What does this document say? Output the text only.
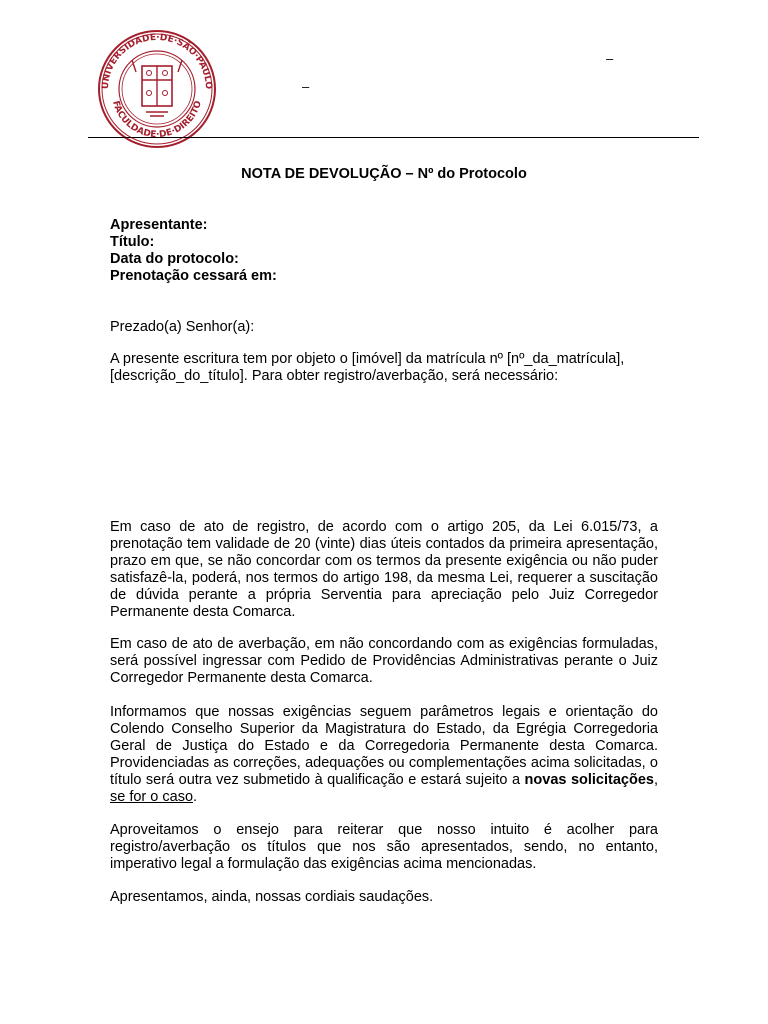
UNIVERSIDADE·DE·SÃO·PAULO
FACULDADE·DE·DIREITO
–
–
NOTA DE DEVOLUÇÃO – Nº do Protocolo
Apresentante:
Título:
Data do protocolo:
Prenotação cessará em:
Prezado(a) Senhor(a):
A presente escritura tem por objeto o [imóvel] da matrícula nº [nº_da_matrícula], [descrição_do_título]. Para obter registro/averbação, será necessário:
Em caso de ato de registro, de acordo com o artigo 205, da Lei 6.015/73, a prenotação tem validade de 20 (vinte) dias úteis contados da primeira apresentação, prazo em que, se não concordar com os termos da presente exigência ou não puder satisfazê-la, poderá, nos termos do artigo 198, da mesma Lei, requerer a suscitação de dúvida perante a própria Serventia para apreciação pelo Juiz Corregedor Permanente desta Comarca.
Em caso de ato de averbação, em não concordando com as exigências formuladas, será possível ingressar com Pedido de Providências Administrativas perante o Juiz Corregedor Permanente desta Comarca.
Informamos que nossas exigências seguem parâmetros legais e orientação do Colendo Conselho Superior da Magistratura do Estado, da Egrégia Corregedoria Geral de Justiça do Estado e da Corregedoria Permanente desta Comarca. Providenciadas as correções, adequações ou complementações acima solicitadas, o título será outra vez submetido à qualificação e estará sujeito a novas solicitações, se for o caso.
Aproveitamos o ensejo para reiterar que nosso intuito é acolher para registro/averbação os títulos que nos são apresentados, sendo, no entanto, imperativo legal a formulação das exigências acima mencionadas.
Apresentamos, ainda, nossas cordiais saudações.
